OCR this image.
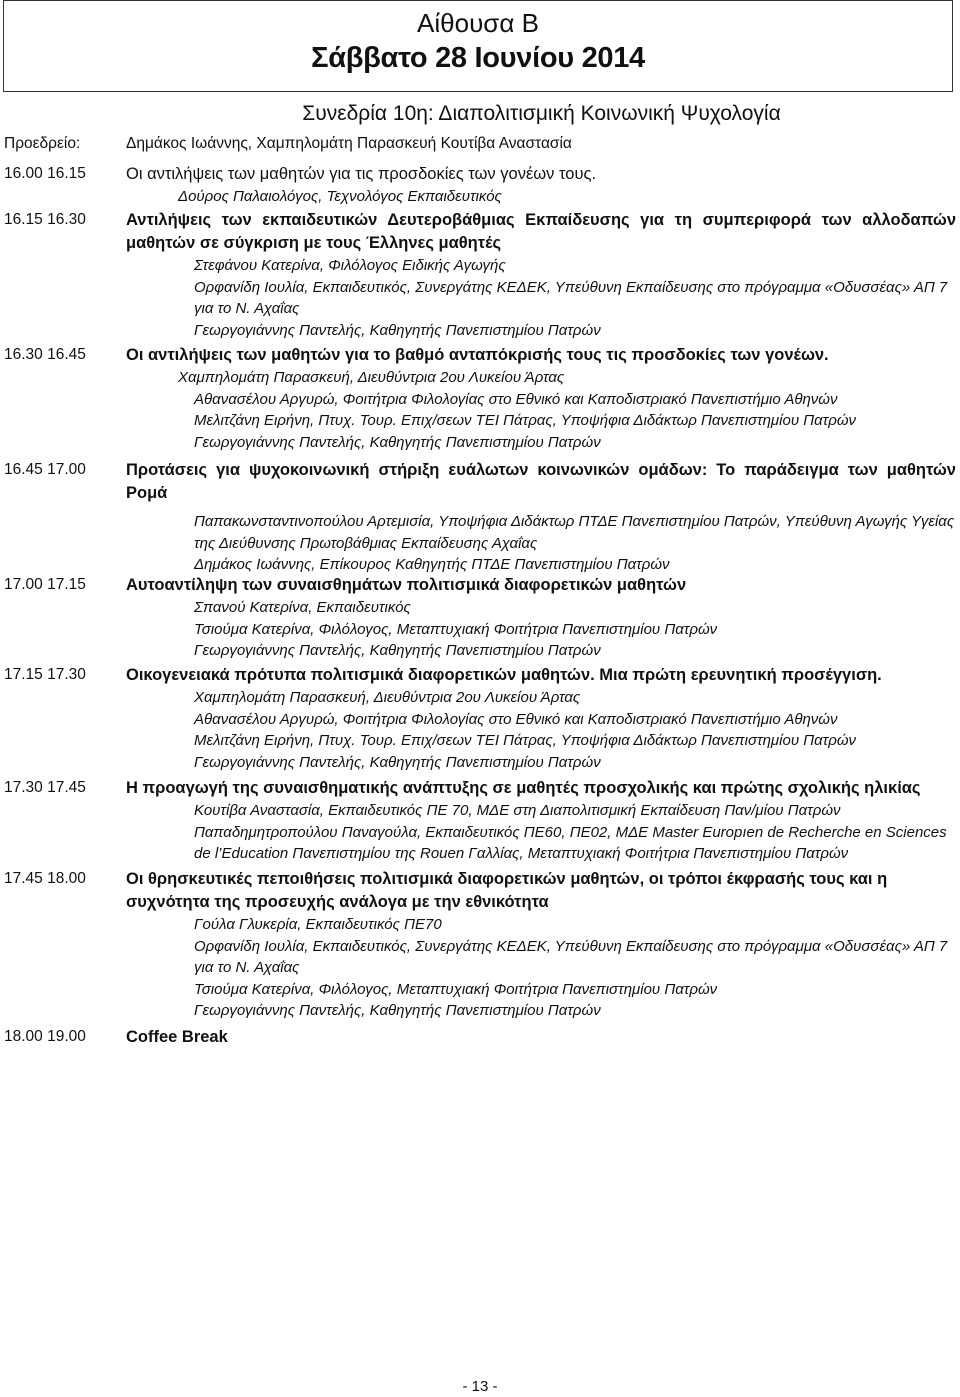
Αίθουσα Β
Σάββατο 28 Ιουνίου 2014
Συνεδρία 10η: Διαπολιτισμική Κοινωνική Ψυχολογία
Προεδρείο:	Δημάκος Ιωάννης, Χαμπηλομάτη Παρασκευή Κουτίβα Αναστασία
16.00 16.15	Οι αντιλήψεις των μαθητών για τις προσδοκίες των γονέων τους.
Δούρος Παλαιολόγος, Τεχνολόγος Εκπαιδευτικός
16.15 16.30	Αντιλήψεις των εκπαιδευτικών Δευτεροβάθμιας Εκπαίδευσης για τη συμπεριφορά των αλλοδαπών μαθητών σε σύγκριση με τους Έλληνες μαθητές
Στεφάνου Κατερίνα, Φιλόλογος Ειδικής Αγωγής
Ορφανίδη Ιουλία, Εκπαιδευτικός, Συνεργάτης ΚΕΔΕΚ, Υπεύθυνη Εκπαίδευσης στο πρόγραμμα «Οδυσσέας» ΑΠ 7 για το Ν. Αχαΐας
Γεωργογιάννης Παντελής, Καθηγητής Πανεπιστημίου Πατρών
16.30 16.45	Οι αντιλήψεις των μαθητών για το βαθμό ανταπόκρισής τους τις προσδοκίες των γονέων.
Χαμπηλομάτη Παρασκευή, Διευθύντρια 2ου Λυκείου Άρτας
Αθανασέλου Αργυρώ, Φοιτήτρια Φιλολογίας στο Εθνικό και Καποδιστριακό Πανεπιστήμιο Αθηνών
Μελιτζάνη Ειρήνη, Πτυχ. Τουρ. Επιχ/σεων ΤΕΙ Πάτρας, Υποψήφια Διδάκτωρ Πανεπιστημίου Πατρών
Γεωργογιάννης Παντελής, Καθηγητής Πανεπιστημίου Πατρών
16.45 17.00	Προτάσεις για ψυχοκοινωνική στήριξη ευάλωτων κοινωνικών ομάδων: Το παράδειγμα των μαθητών Ρομά
Παπακωνσταντινοπούλου Αρτεμισία, Υποψήφια Διδάκτωρ ΠΤΔΕ Πανεπιστημίου Πατρών, Υπεύθυνη Αγωγής Υγείας της Διεύθυνσης Πρωτοβάθμιας Εκπαίδευσης Αχαΐας
Δημάκος Ιωάννης, Επίκουρος Καθηγητής ΠΤΔΕ Πανεπιστημίου Πατρών
17.00 17.15	Αυτοαντίληψη των συναισθημάτων πολιτισμικά διαφορετικών μαθητών
Σπανού Κατερίνα, Εκπαιδευτικός
Τσιούμα Κατερίνα, Φιλόλογος, Μεταπτυχιακή Φοιτήτρια Πανεπιστημίου Πατρών
Γεωργογιάννης Παντελής, Καθηγητής Πανεπιστημίου Πατρών
17.15 17.30	Οικογενειακά πρότυπα πολιτισμικά διαφορετικών μαθητών. Μια πρώτη ερευνητική προσέγγιση.
Χαμπηλομάτη Παρασκευή, Διευθύντρια 2ου Λυκείου Άρτας
Αθανασέλου Αργυρώ, Φοιτήτρια Φιλολογίας στο Εθνικό και Καποδιστριακό Πανεπιστήμιο Αθηνών
Μελιτζάνη Ειρήνη, Πτυχ. Τουρ. Επιχ/σεων ΤΕΙ Πάτρας, Υποψήφια Διδάκτωρ Πανεπιστημίου Πατρών
Γεωργογιάννης Παντελής, Καθηγητής Πανεπιστημίου Πατρών
17.30 17.45	Η προαγωγή της συναισθηματικής ανάπτυξης σε μαθητές προσχολικής και πρώτης σχολικής ηλικίας
Κουτίβα Αναστασία, Εκπαιδευτικός ΠΕ 70, ΜΔΕ στη Διαπολιτισμική Εκπαίδευση Παν/μίου Πατρών
Παπαδημητροπούλου Παναγούλα, Εκπαιδευτικός ΠΕ60, ΠΕ02, ΜΔΕ Master Europıen de Recherche en Sciences de l’Education Πανεπιστημίου της Rouen Γαλλίας, Μεταπτυχιακή Φοιτήτρια Πανεπιστημίου Πατρών
17.45 18.00	Οι θρησκευτικές πεποιθήσεις πολιτισμικά διαφορετικών μαθητών, οι τρόποι έκφρασής τους και η συχνότητα της προσευχής ανάλογα με την εθνικότητα
Γούλα Γλυκερία, Εκπαιδευτικός ΠΕ70
Ορφανίδη Ιουλία, Εκπαιδευτικός, Συνεργάτης ΚΕΔΕΚ, Υπεύθυνη Εκπαίδευσης στο πρόγραμμα «Οδυσσέας» ΑΠ 7 για το Ν. Αχαΐας
Τσιούμα Κατερίνα, Φιλόλογος, Μεταπτυχιακή Φοιτήτρια Πανεπιστημίου Πατρών
Γεωργογιάννης Παντελής, Καθηγητής Πανεπιστημίου Πατρών
18.00 19.00	Coffee Break
- 13 -
